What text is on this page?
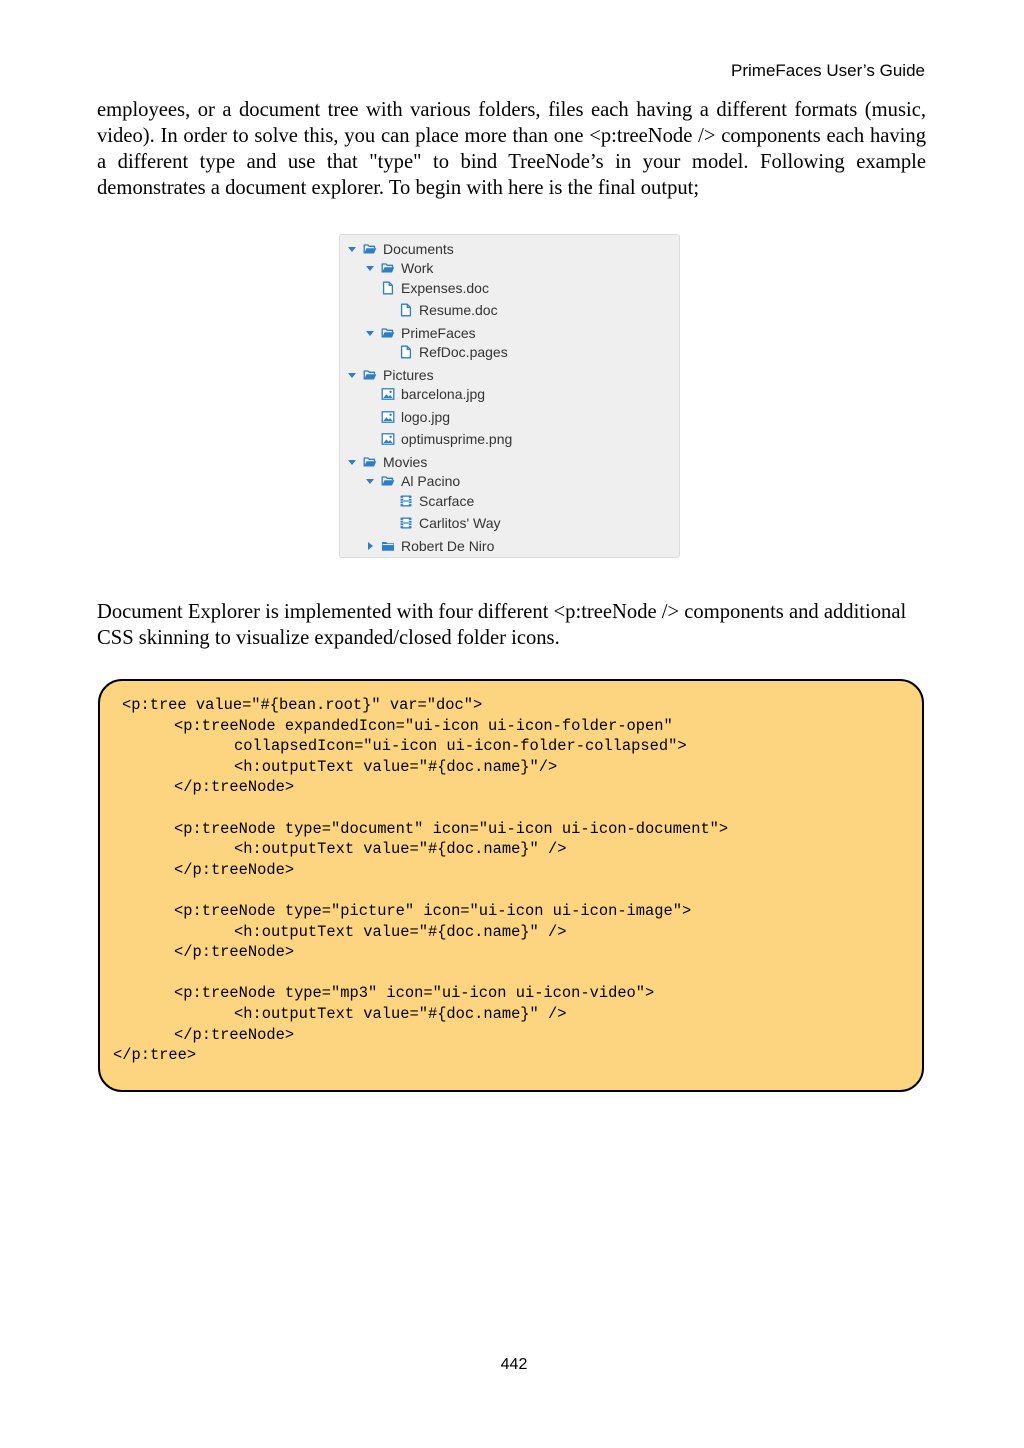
PrimeFaces User’s Guide
employees, or a document tree with various folders, files each having a different formats (music,
video). In order to solve this, you can place more than one <p:treeNode /> components each having
a different type and use that "type" to bind TreeNode’s in your model. Following example
demonstrates a document explorer. To begin with here is the final output;
Documents
Work
Expenses.doc
Resume.doc
PrimeFaces
RefDoc.pages
Pictures
barcelona.jpg
logo.jpg
optimusprime.png
Movies
Al Pacino
Scarface
Carlitos' Way
Robert De Niro
Document Explorer is implemented with four different <p:treeNode /> components and additional
CSS skinning to visualize expanded/closed folder icons.
<p:tree value="#{bean.root}" var="doc">
<p:treeNode expandedIcon="ui-icon ui-icon-folder-open"
collapsedIcon="ui-icon ui-icon-folder-collapsed">
<h:outputText value="#{doc.name}"/>
</p:treeNode>
<p:treeNode type="document" icon="ui-icon ui-icon-document">
<h:outputText value="#{doc.name}" />
</p:treeNode>
<p:treeNode type="picture" icon="ui-icon ui-icon-image">
<h:outputText value="#{doc.name}" />
</p:treeNode>
<p:treeNode type="mp3" icon="ui-icon ui-icon-video">
<h:outputText value="#{doc.name}" />
</p:treeNode>
</p:tree>
442
